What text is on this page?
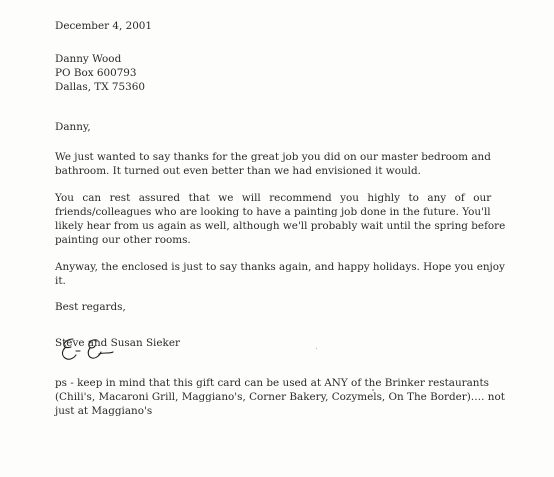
December 4, 2001
Danny Wood
PO Box 600793
Dallas, TX 75360
Danny,
We just wanted to say thanks for the great job you did on our master bedroom and
bathroom. It turned out even better than we had envisioned it would.
You can rest assured that we will recommend you highly to any of our
friends/colleagues who are looking to have a painting job done in the future. You'll
likely hear from us again as well, although we'll probably wait until the spring before
painting our other rooms.
Anyway, the enclosed is just to say thanks again, and happy holidays. Hope you enjoy
it.
Best regards,
Steve and Susan Sieker
ps - keep in mind that this gift card can be used at ANY of the Brinker restaurants
(Chili's, Macaroni Grill, Maggiano's, Corner Bakery, Cozymels, On The Border)…. not
just at Maggiano's
